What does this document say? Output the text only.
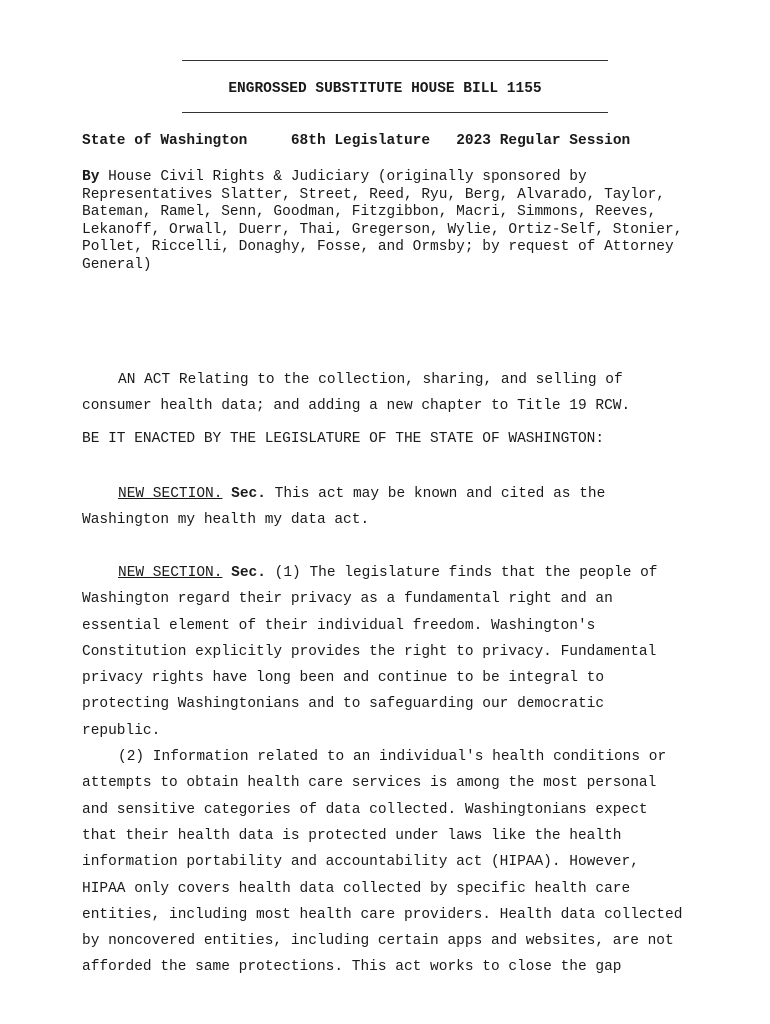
ENGROSSED SUBSTITUTE HOUSE BILL 1155
State of Washington	68th Legislature 2023 Regular Session
By House Civil Rights & Judiciary (originally sponsored by
Representatives Slatter, Street, Reed, Ryu, Berg, Alvarado, Taylor,
Bateman, Ramel, Senn, Goodman, Fitzgibbon, Macri, Simmons, Reeves,
Lekanoff, Orwall, Duerr, Thai, Gregerson, Wylie, Ortiz-Self, Stonier,
Pollet, Riccelli, Donaghy, Fosse, and Ormsby; by request of Attorney
General)
AN ACT Relating to the collection, sharing, and selling of
consumer health data; and adding a new chapter to Title 19 RCW.
BE IT ENACTED BY THE LEGISLATURE OF THE STATE OF WASHINGTON:
NEW SECTION. Sec. This act may be known and cited as the
Washington my health my data act.
NEW SECTION. Sec. (1) The legislature finds that the people of
Washington regard their privacy as a fundamental right and an
essential element of their individual freedom. Washington's
Constitution explicitly provides the right to privacy. Fundamental
privacy rights have long been and continue to be integral to
protecting Washingtonians and to safeguarding our democratic
republic.
(2) Information related to an individual's health conditions or
attempts to obtain health care services is among the most personal
and sensitive categories of data collected. Washingtonians expect
that their health data is protected under laws like the health
information portability and accountability act (HIPAA). However,
HIPAA only covers health data collected by specific health care
entities, including most health care providers. Health data collected
by noncovered entities, including certain apps and websites, are not
afforded the same protections. This act works to close the gap
